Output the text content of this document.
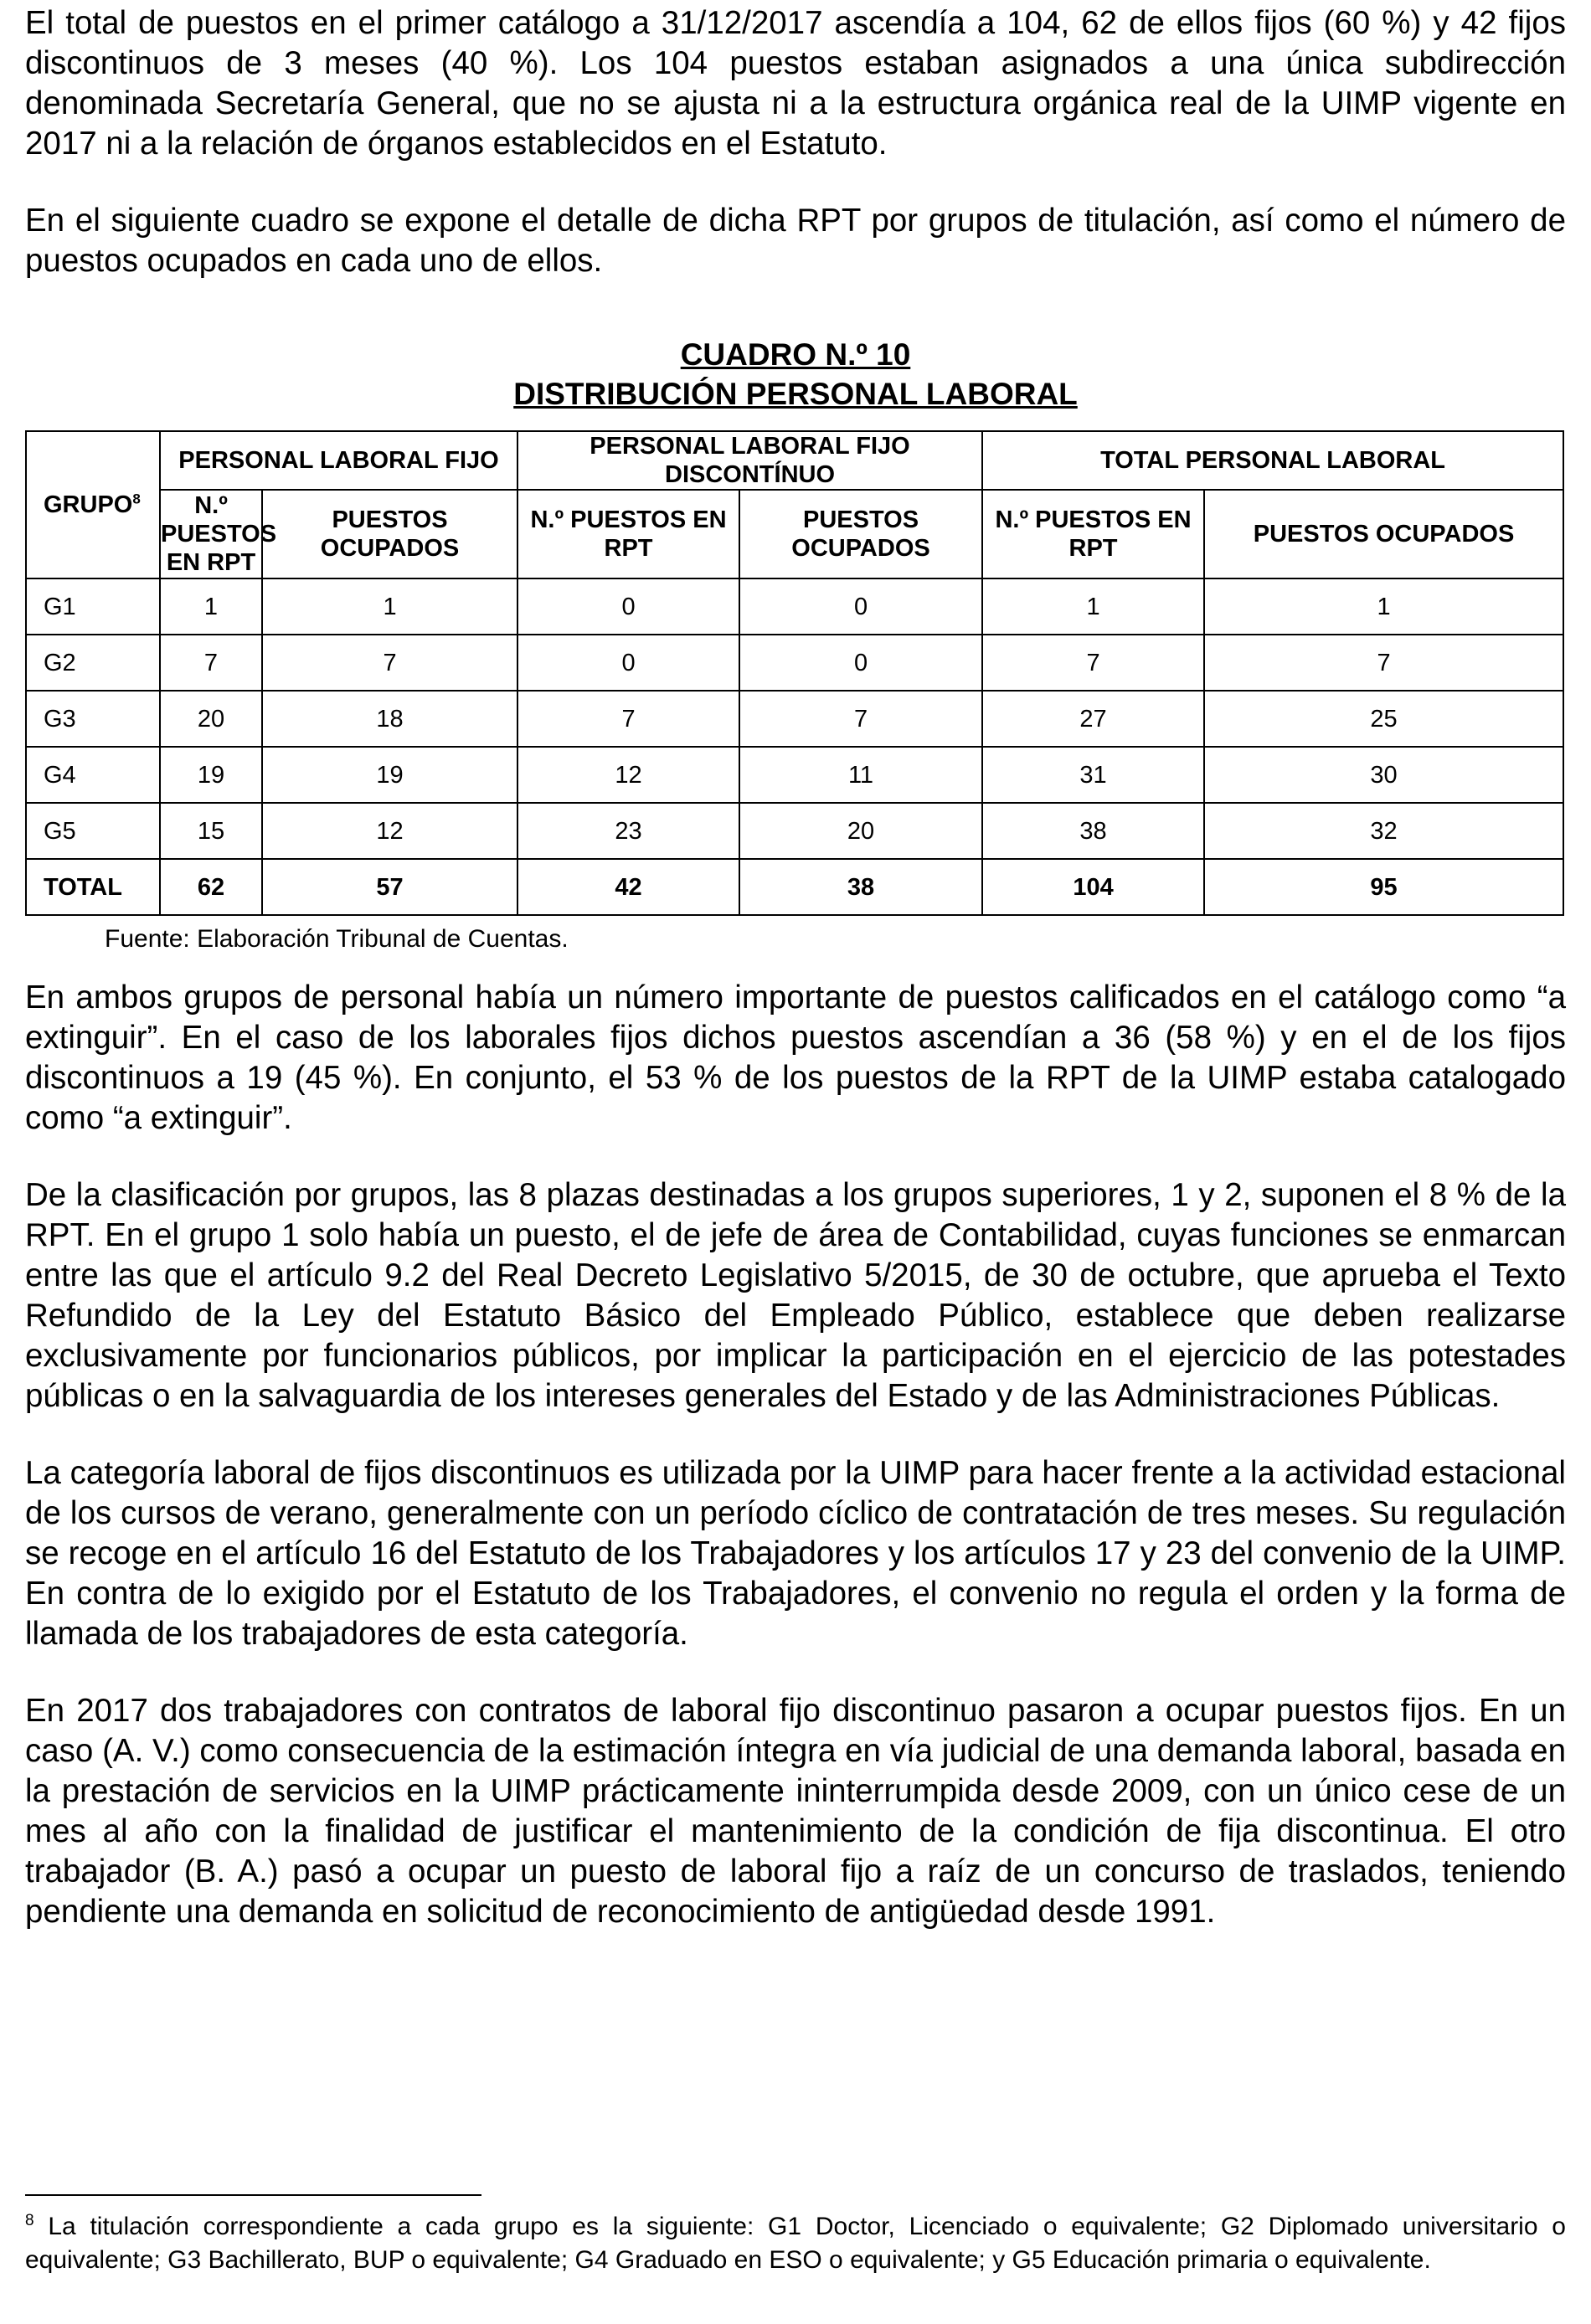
El total de puestos en el primer catálogo a 31/12/2017 ascendía a 104, 62 de ellos fijos (60 %) y 42 fijos discontinuos de 3 meses (40 %). Los 104 puestos estaban asignados a una única subdirección denominada Secretaría General, que no se ajusta ni a la estructura orgánica real de la UIMP vigente en 2017 ni a la relación de órganos establecidos en el Estatuto.

En el siguiente cuadro se expone el detalle de dicha RPT por grupos de titulación, así como el número de puestos ocupados en cada uno de ellos.

CUADRO N.º 10

DISTRIBUCIÓN PERSONAL LABORAL

GRUPO$^8$	PERSONAL LABORAL FIJO		PERSONAL LABORAL FIJO DISCONTÍNUO		TOTAL PERSONAL LABORAL	
	N.º PUESTOS EN RPT	PUESTOS OCUPADOS	N.º PUESTOS EN RPT	PUESTOS OCUPADOS	N.º PUESTOS EN RPT	PUESTOS OCUPADOS
G1	1	1	0	0	1	1
G2	7	7	0	0	7	7
G3	20	18	7	7	27	25
G4	19	19	12	11	31	30
G5	15	12	23	20	38	32
TOTAL	62	57	42	38	104	95

Fuente: Elaboración Tribunal de Cuentas.

En ambos grupos de personal había un número importante de puestos calificados en el catálogo como “a extinguir”. En el caso de los laborales fijos dichos puestos ascendían a 36 (58 %) y en el de los fijos discontinuos a 19 (45 %). En conjunto, el 53 % de los puestos de la RPT de la UIMP estaba catalogado como “a extinguir”.

De la clasificación por grupos, las 8 plazas destinadas a los grupos superiores, 1 y 2, suponen el 8 % de la RPT. En el grupo 1 solo había un puesto, el de jefe de área de Contabilidad, cuyas funciones se enmarcan entre las que el artículo 9.2 del Real Decreto Legislativo 5/2015, de 30 de octubre, que aprueba el Texto Refundido de la Ley del Estatuto Básico del Empleado Público, establece que deben realizarse exclusivamente por funcionarios públicos, por implicar la participación en el ejercicio de las potestades públicas o en la salvaguardia de los intereses generales del Estado y de las Administraciones Públicas.

La categoría laboral de fijos discontinuos es utilizada por la UIMP para hacer frente a la actividad estacional de los cursos de verano, generalmente con un período cíclico de contratación de tres meses. Su regulación se recoge en el artículo 16 del Estatuto de los Trabajadores y los artículos 17 y 23 del convenio de la UIMP. En contra de lo exigido por el Estatuto de los Trabajadores, el convenio no regula el orden y la forma de llamada de los trabajadores de esta categoría.

En 2017 dos trabajadores con contratos de laboral fijo discontinuo pasaron a ocupar puestos fijos. En un caso (A. V.) como consecuencia de la estimación íntegra en vía judicial de una demanda laboral, basada en la prestación de servicios en la UIMP prácticamente ininterrumpida desde 2009, con un único cese de un mes al año con la finalidad de justificar el mantenimiento de la condición de fija discontinua. El otro trabajador (B. A.) pasó a ocupar un puesto de laboral fijo a raíz de un concurso de traslados, teniendo pendiente una demanda en solicitud de reconocimiento de antigüedad desde 1991.

$^8$ La titulación correspondiente a cada grupo es la siguiente: G1 Doctor, Licenciado o equivalente; G2 Diplomado universitario o equivalente; G3 Bachillerato, BUP o equivalente; G4 Graduado en ESO o equivalente; y G5 Educación primaria o equivalente.
